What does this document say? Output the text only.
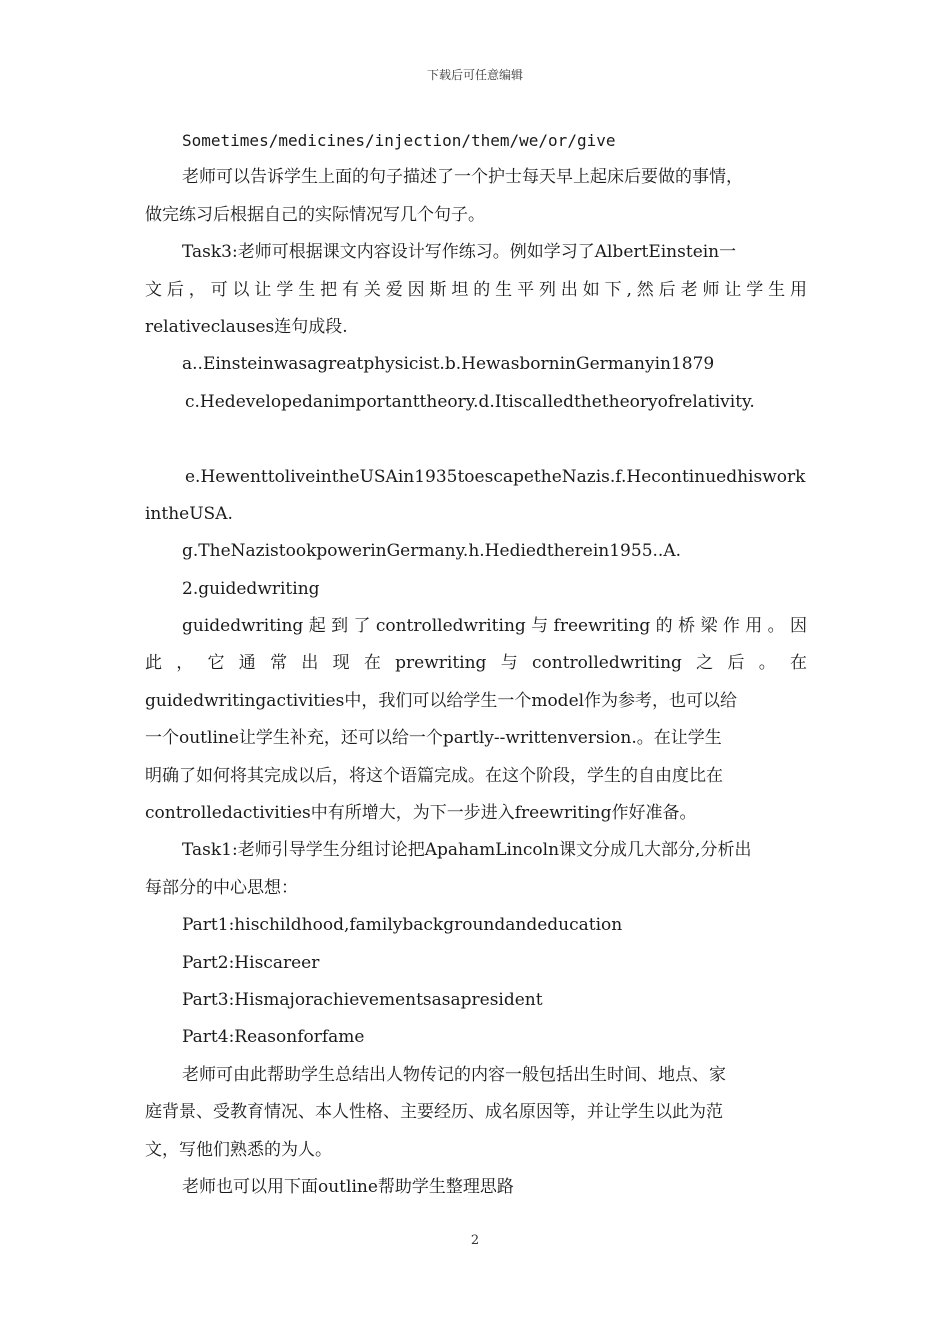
下载后可任意编辑
Sometimes/medicines/injection/them/we/or/give
老师可以告诉学生上面的句子描述了一个护士每天早上起床后要做的事情，
做完练习后根据自己的实际情况写几个句子。
Task3:老师可根据课文内容设计写作练习。例如学习了AlbertEinstein一
文后，可以让学生把有关爱因斯坦的生平列出如下,然后老师让学生用
relativeclauses连句成段.
a..Einsteinwasagreatphysicist.b.HewasborninGermanyin1879
c.Hedevelopedanimportanttheory.d.Itiscalledthetheoryofrelativity.
e.HewenttoliveintheUSAin1935toescapetheNazis.f.Hecontinuedhiswork
intheUSA.
g.TheNazistookpowerinGermany.h.Hediedtherein1955..A.
2.guidedwriting
guidedwriting起到了controlledwriting与freewriting的桥梁作用。因
此，它通常出现在prewriting与controlledwriting之后。在
guidedwritingactivities中，我们可以给学生一个model作为参考，也可以给
一个outline让学生补充，还可以给一个partly--writtenversion.。在让学生
明确了如何将其完成以后，将这个语篇完成。在这个阶段，学生的自由度比在
controlledactivities中有所增大，为下一步进入freewriting作好准备。
Task1:老师引导学生分组讨论把ApahamLincoln课文分成几大部分,分析出
每部分的中心思想：
Part1:hischildhood,familybackgroundandeducation
Part2:Hiscareer
Part3:Hismajorachievementsasapresident
Part4:Reasonforfame
老师可由此帮助学生总结出人物传记的内容一般包括出生时间、地点、家
庭背景、受教育情况、本人性格、主要经历、成名原因等，并让学生以此为范
文，写他们熟悉的为人。
老师也可以用下面outline帮助学生整理思路
2
